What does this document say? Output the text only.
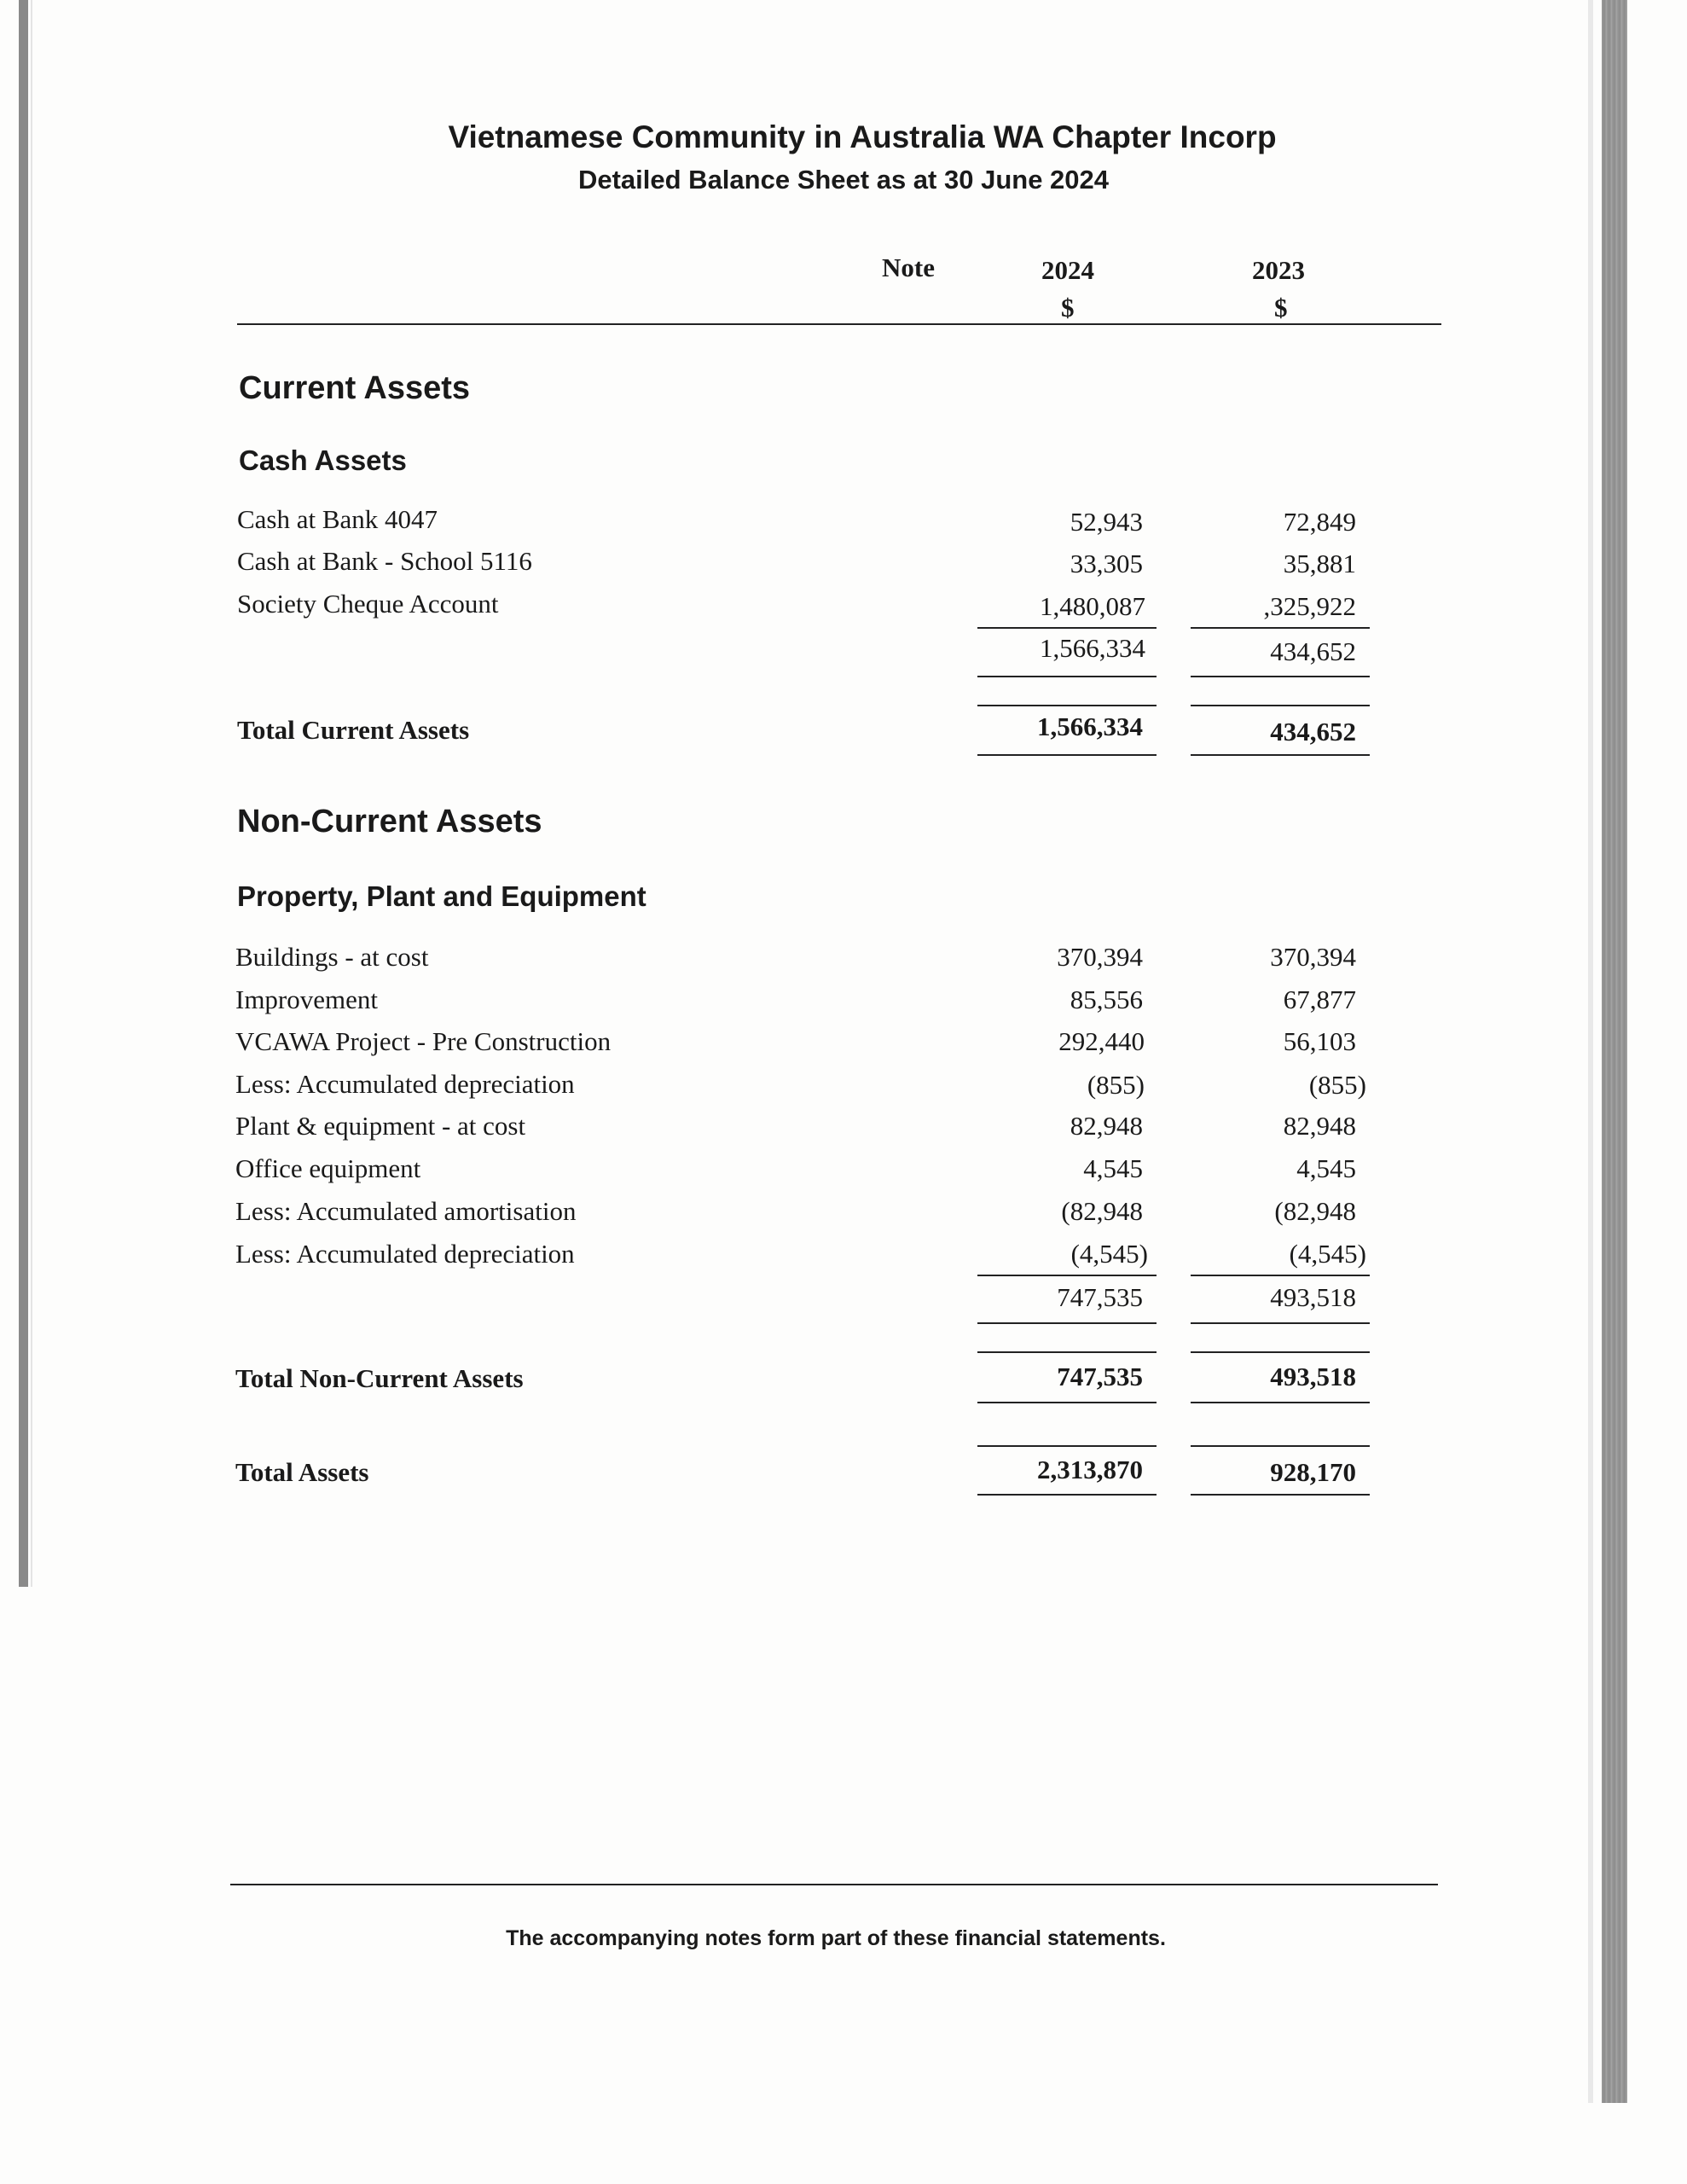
Vietnamese Community in Australia WA Chapter Incorp
Detailed Balance Sheet as at 30 June 2024
Note	2024	2023
$	$
Current Assets
Cash Assets
Cash at Bank 4047	52,943	72,849
Cash at Bank - School 5116	33,305	35,881
Society Cheque Account	1,480,087	,325,922
1,566,334	434,652
Total Current Assets	1,566,334	434,652
Non-Current Assets
Property, Plant and Equipment
Buildings - at cost	370,394	370,394
Improvement	85,556	67,877
VCAWA Project - Pre Construction	292,440	56,103
Less: Accumulated depreciation	(855)	(855)
Plant & equipment - at cost	82,948	82,948
Office equipment	4,545	4,545
Less: Accumulated amortisation	(82,948	(82,948
Less: Accumulated depreciation	(4,545)	(4,545)
747,535	493,518
Total Non-Current Assets	747,535	493,518
Total Assets	2,313,870	928,170
The accompanying notes form part of these financial statements.
